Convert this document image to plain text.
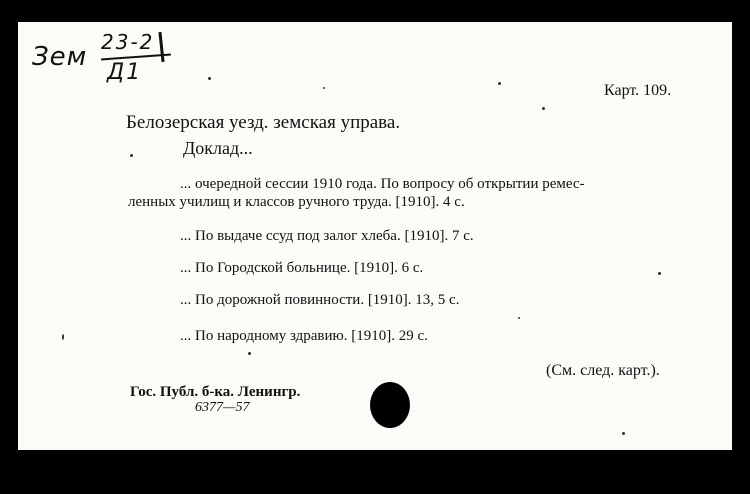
Зем 23-2
Д1
Карт. 109.
Белозерская уезд. земская управа.
Доклад...
... очередной сессии 1910 года. По вопросу об открытии ремес-
ленных училищ и классов ручного труда. [1910]. 4 с.
... По выдаче ссуд под залог хлеба. [1910]. 7 с.
... По Городской больнице. [1910]. 6 с.
... По дорожной повинности. [1910]. 13, 5 с.
... По народному здравию. [1910]. 29 с.
(См. след. карт.).
Гос. Публ. б-ка. Ленингр.
6377—57
